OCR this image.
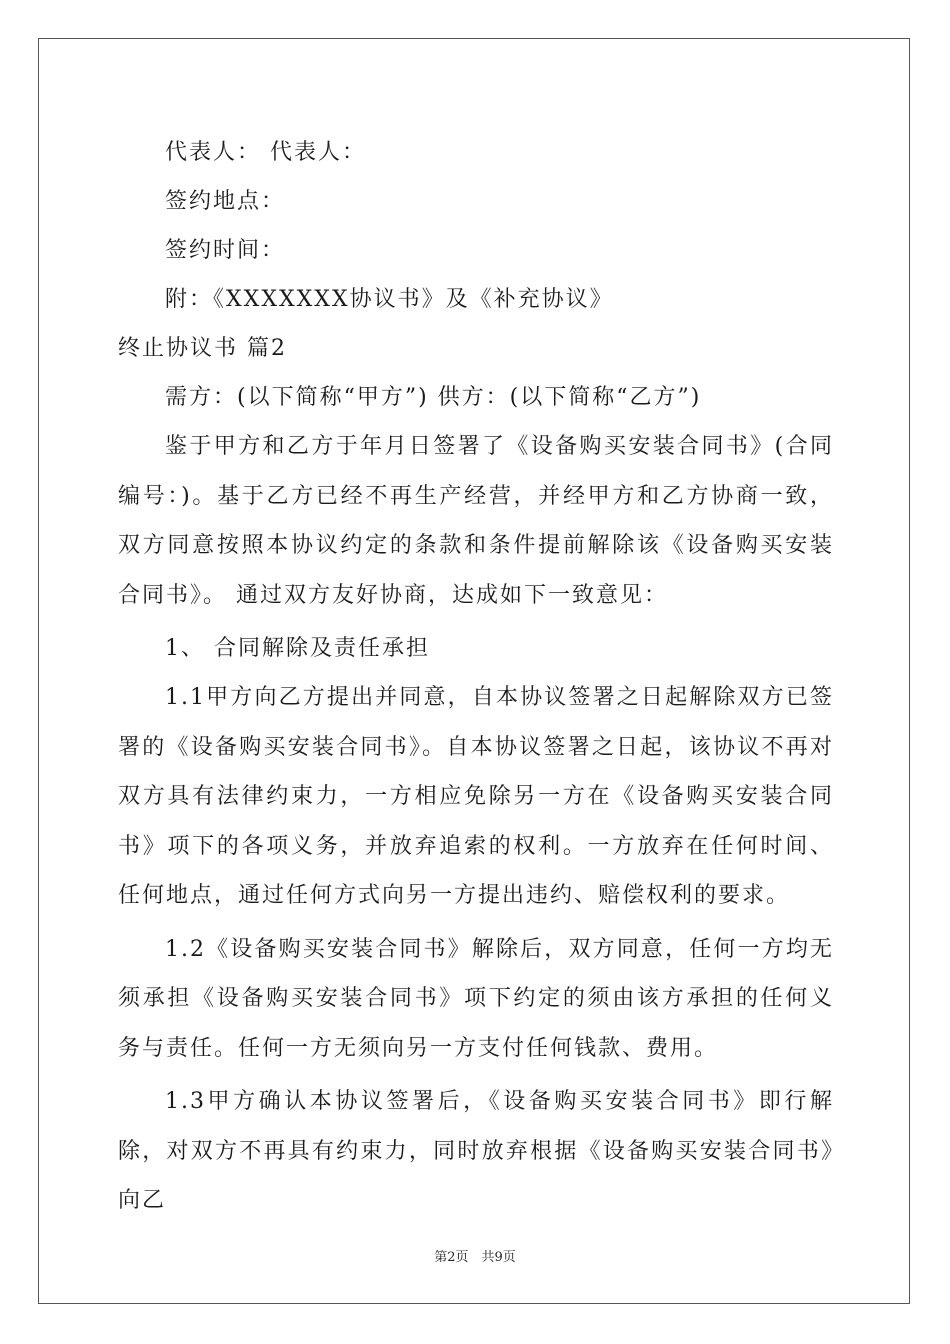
代表人： 代表人：
签约地点：
签约时间：
附：《XXXXXXX协议书》及《补充协议》
终止协议书 篇2
需方：(以下简称“甲方”) 供方：(以下简称“乙方”)

鉴于甲方和乙方于年月日签署了《设备购买安装合同书》(合同编号：)。基于乙方已经不再生产经营，并经甲方和乙方协商一致，双方同意按照本协议约定的条款和条件提前解除该《设备购买安装合同书》。 通过双方友好协商，达成如下一致意见：

1、 合同解除及责任承担

1.1甲方向乙方提出并同意，自本协议签署之日起解除双方已签署的《设备购买安装合同书》。自本协议签署之日起，该协议不再对双方具有法律约束力，一方相应免除另一方在《设备购买安装合同书》项下的各项义务，并放弃追索的权利。一方放弃在任何时间、任何地点，通过任何方式向另一方提出违约、赔偿权利的要求。

1.2《设备购买安装合同书》解除后，双方同意，任何一方均无须承担《设备购买安装合同书》项下约定的须由该方承担的任何义务与责任。任何一方无须向另一方支付任何钱款、费用。

1.3甲方确认本协议签署后，《设备购买安装合同书》即行解除，对双方不再具有约束力，同时放弃根据《设备购买安装合同书》向乙

第2页　共9页
